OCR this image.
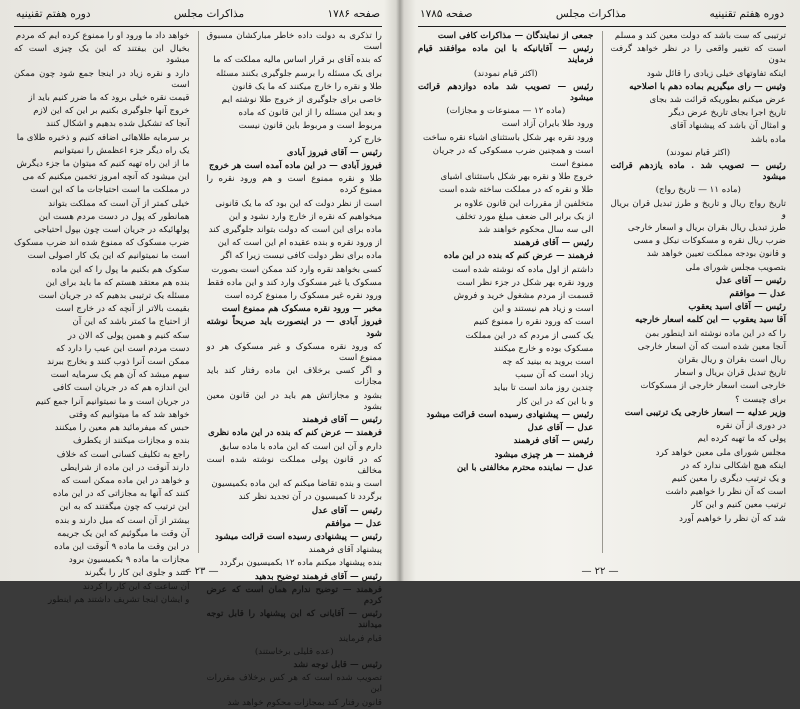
صفحه ۱۷۸۶
مذاکرات مجلس
دوره هفتم تقنینیه

را تذکرى به دولت داده خاطر مبارکشان مسبوق است

که بنده آقاى بر قرار اساس مالیه مملکت که ما

براى یک مسئله را برسم جلوگیرى بکنند مسئله

طلا و نقره را خارج میکنند که ما یک قانون

خاصى براى جلوگیرى از خروج طلا نوشته ایم

و بعد این مسئله را از این قانون که ماده

مربوط است و مربوط باین قانون نیست

خارج کرد

رئیس — آقاى فیروز آبادى

فیروز آبادى — در این ماده آمده است هر خروج

طلا و نقره ممنوع است و هم ورود نقره را ممنوع کرده

است از نظر دولت که این بود که ما یک قانونى

میخواهیم که نقره از خارج وارد نشود و این

ماده براى این است که دولت بتواند جلوگیرى کند

از ورود نقره و بنده عقیده ام این است که این

ماده براى نظر دولت کافى نیست زیرا که اگر

کسى بخواهد نقره وارد کند ممکن است بصورت

مسکوک یا غیر مسکوک وارد کند و این ماده فقط

ورود نقره غیر مسکوک را ممنوع کرده است

مخبر — ورود نقره مسکوک هم ممنوع است

فیروز آبادى — در اینصورت باید صریحاً نوشته شود

که ورود نقره مسکوک و غیر مسکوک هر دو ممنوع است

و اگر کسى برخلاف این ماده رفتار کند باید مجازات

بشود و مجازاتش هم باید در این قانون معین بشود

رئیس — آقاى فرهمند

فرهمند — عرض کنم که بنده در این ماده نظرى

دارم و آن این است که این ماده با ماده سابق

که در قانون پولى مملکت نوشته شده است مخالف

است و بنده تقاضا میکنم که این ماده بکمیسیون

برگردد تا کمیسیون در آن تجدید نظر کند

رئیس — آقاى عدل

عدل — موافقم

رئیس — پیشنهادى رسیده است قرائت میشود

پیشنهاد آقاى فرهمند

بنده پیشنهاد میکنم ماده ۱۲ بکمیسیون برگردد

رئیس — آقاى فرهمند توضیح بدهید

فرهمند — توضیح ندارم همان است که عرض کردم

رئیس — آقایانى که این پیشنهاد را قابل توجه میدانند

قیام فرمایند

(عده قلیلى برخاستند)

رئیس — قابل توجه نشد

تصویب شده است که هر کس برخلاف مقررات این

قانون رفتار کند بمجازات محکوم خواهد شد

خواهد داد ما ورود او را ممنوع کرده ایم که مردم

بخیال این بیفتند که این یک چیزى است که میشود

دارد و نقره زیاد در اینجا جمع شود چون ممکن است

قیمت نقره خیلى برود که ما ضرر کنیم باید از

خروج آنها جلوگیرى بکنیم بر این که این لازم

آنجا که تشکیل شده بدهیم و اشکال کنند

بر سرمایه طلاهائى اضافه کنیم و ذخیره طلاى ما

یک راه دیگر جزء اعظمش را نمیتوانیم

ما از این راه تهیه کنیم که میتوان ما جزء دیگرش

این میشود که آنچه امروز تخمین میکنیم که مى

در مملکت ما است احتیاجات ما که این است

خیلى کمتر از آن است که مملکت بتواند

همانطور که پول در دست مردم هست این

پولهائیکه در جریان است چون بپول احتیاجى

ضرب مسکوک که ممنوع شده اند ضرب مسکوک

است ما نمیتوانیم که این یک کار اصولى است

سکوک هم بکنیم ما پول را که این ماده

بنده هم معتقد هستم که ما باید براى این

مسئله یک ترتیبى بدهیم که در جریان است

بقیمت بالاتر از آنچه که در خارج است

از احتیاج ما کمتر باشد که این آن

سکه کنیم و همین پولى که الان در

دست مردم است این عیب را دارد که

ممکن است آنرا ذوب کنند و بخارج ببرند

سهم میشد که آن هم یک سرمایه است

این اندازه هم که در جریان است کافى

در جریان است و ما نمیتوانیم آنرا جمع کنیم

خواهد شد که ما میتوانیم که وقتى

حبس که میفرمائید هم معین را میکنند

بنده و مجازات میکنند از یکطرف

راجع به تکلیف کسانى است که خلاف

دارند آنوقت در این ماده از شرایطى

و خواهد در این ماده ممکن است که

کنند که آنها به مجازاتى که در این ماده

این ترتیب که چون میگفتند که به این

بیشتر از آن است که میل دارند و بنده

آن وقت ما میگوئیم که این یک جریمه

در این وقت ما ماده ٩ آنوقت این ماده

مجازات ما ماده ٩ بکمیسیون برود

کنند و جلوى این کار را بگیرند

آن ساعت که این کار را کردند

و ایشان اینجا تشریف داشتند هم اینطور

— ۲۳ —
دوره هفتم تقنینیه
مذاکرات مجلس
صفحه ۱۷۸۵

ترتیبى که ست باشد که دولت معین کند و مسلم

است که تغییر واقعى را در نظر خواهد گرفت بدون

اینکه تفاوتهاى خیلى زیادى را قائل شود

وثیس — راى میگیریم بماده دهم با اصلاحیه

عرض میکنم بطوریکه قرائت شد بجاى

تاریخ اجرا بجاى تاریخ عرض دیگر

و امثال آن باشد که پیشنهاد آقاى

ماده باشد

(اکثر قیام نمودند)

رئیس — تصویب شد . ماده یازدهم قرائت میشود

(ماده ۱۱ — تاریخ رواج)

تاریخ رواج ریال و تاریخ و طرز تبدیل قران بریال و

طرز تبدیل ریال بقران بریال و اسعار خارجى

ضرب ریال نقره و مسکوکات نیکل و مسى

و قانون بودجه مملکت تعیین خواهد شد

بتصویب مجلس شوراى ملى

رئیس — آقاى عدل

عدل — موافقم

رئیس — آقاى اسید یعقوب

آقا سید یعقوب — این کلمه اسعار خارجیه

را که در این ماده نوشته اند اینطور بمن

آنجا معین شده است که آن اسعار خارجى

ریال است بقران و ریال بقران

تاریخ تبدیل قران بریال و اسعار

خارجى است اسعار خارجى از مسکوکات

براى چیست ؟

وزیر عدلیه — اسعار خارجى یک ترتیبى است

در دورى از آن نقره

پولى که ما تهیه کرده ایم

مجلس شوراى ملى معین خواهد کرد

اینکه هیچ اشکالى ندارد که در

و یک ترتیب دیگرى را معین کنیم

است که آن نظر را خواهیم داشت

ترتیب معین کنیم و این کار

شد که آن نظر را خواهیم آورد

جمعى از نمایندگان — مذاکرات کافى است

رئیس — آقایانیکه با این ماده موافقند قیام فرمایند

(اکثر قیام نمودند)

رئیس — تصویب شد ماده دوازدهم قرائت میشود

(ماده ۱۲ — ممنوعات و مجازات)

ورود طلا بایران آزاد است

ورود نقره بهر شکل باستثناى اشیاء نقره ساخت

است و همچنین ضرب مسکوکى که در جریان

ممنوع است

خروج طلا و نقره بهر شکل باستثناى اشیاى

طلا و نقره که در مملکت ساخته شده است

متخلفین از مقررات این قانون علاوه بر

از یک برابر الى ضعف مبلغ مورد تخلف

الى سه سال محکوم خواهند شد

رئیس — آقاى فرهمند

فرهمند — عرض کنم که بنده در این ماده

داشتم از اول ماده که نوشته شده است

ورود نقره بهر شکل در جزء نظر است

قسمت از مردم مشغول خرید و فروش

است و زیاد هم نیستند و این

است که ورود نقره را ممنوع کنیم

یک کسى از مردم که در این مملکت

مسکوک بوده و خارج میکنند

است بروید به بینید که چه

زیاد است که آن سبب

چندین روز ماند است تا بیاید

و با این که در این کار

رئیس — پیشنهادى رسیده است قرائت میشود

عدل — آقاى عدل

رئیس — آقاى فرهمند

فرهمند — هر چیزى میشود

عدل — نماینده محترم مخالفتى با این

— ۲۲ —
